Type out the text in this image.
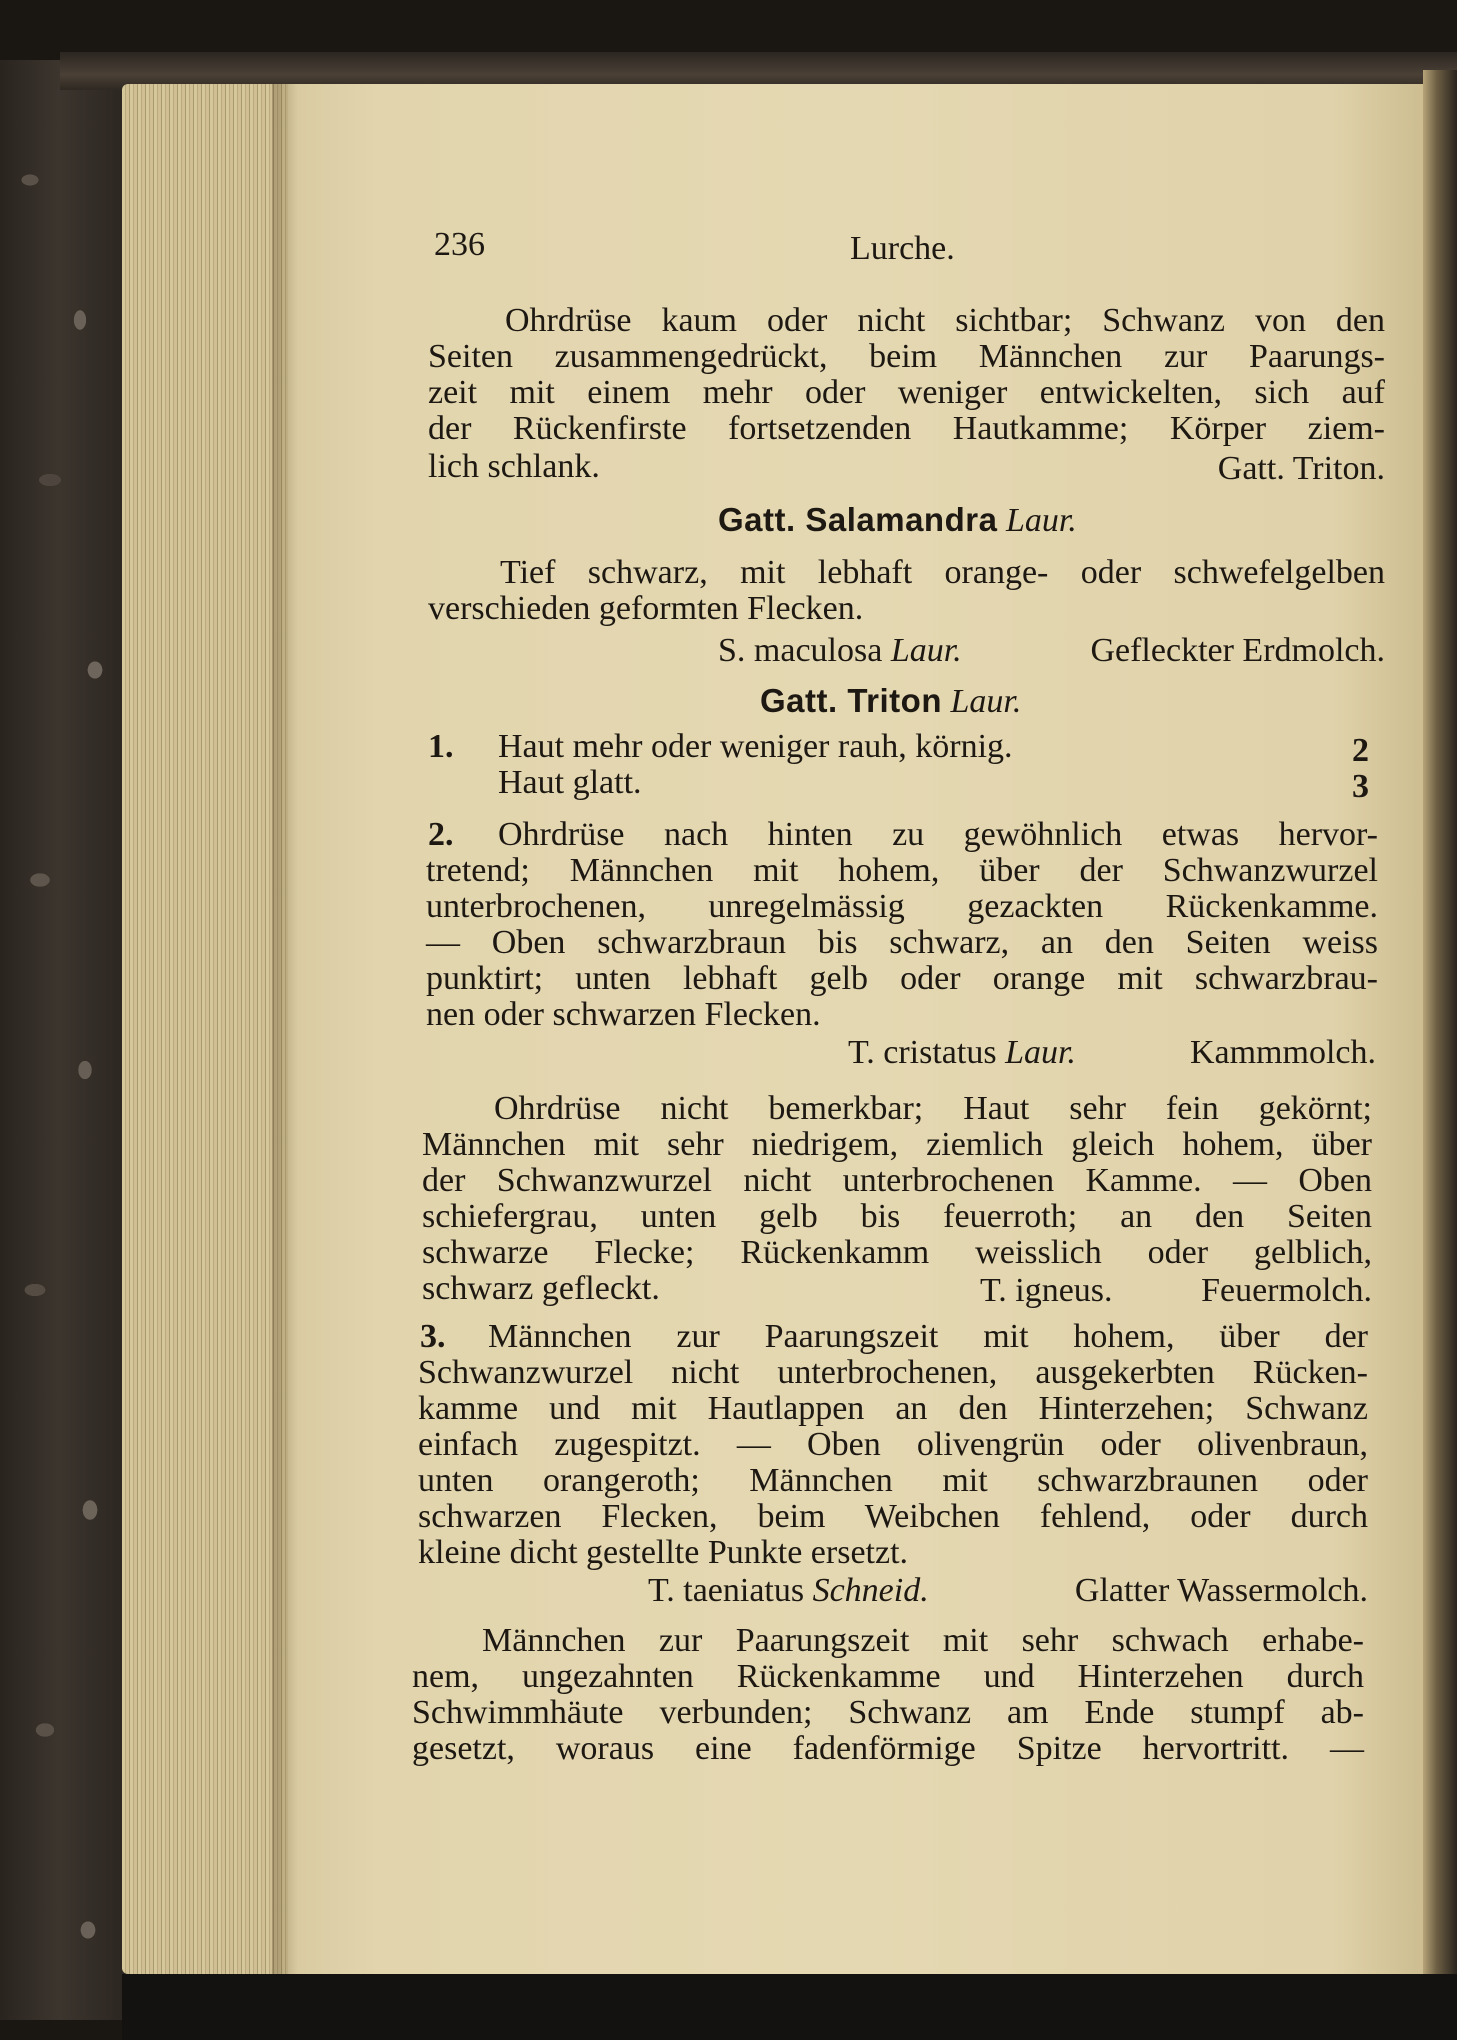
236	Lurche.
Ohrdrüse kaum oder nicht sichtbar; Schwanz von den
Seiten zusammengedrückt, beim Männchen zur Paarungs-
zeit mit einem mehr oder weniger entwickelten, sich auf
der Rückenfirste fortsetzenden Hautkamme; Körper ziem-
lich schlank.	Gatt. Triton.
Gatt. Salamandra Laur.
Tief schwarz, mit lebhaft orange- oder schwefelgelben
verschieden geformten Flecken.
S. maculosa Laur.	Gefleckter Erdmolch.
Gatt. Triton Laur.
1. Haut mehr oder weniger rauh, körnig.	2
Haut glatt.	3
2. Ohrdrüse nach hinten zu gewöhnlich etwas hervor-
tretend; Männchen mit hohem, über der Schwanzwurzel
unterbrochenen, unregelmässig gezackten Rückenkamme.
— Oben schwarzbraun bis schwarz, an den Seiten weiss
punktirt; unten lebhaft gelb oder orange mit schwarzbrau-
nen oder schwarzen Flecken.
T. cristatus Laur.	Kammmolch.
Ohrdrüse nicht bemerkbar; Haut sehr fein gekörnt;
Männchen mit sehr niedrigem, ziemlich gleich hohem, über
der Schwanzwurzel nicht unterbrochenen Kamme. — Oben
schiefergrau, unten gelb bis feuerroth; an den Seiten
schwarze Flecke; Rückenkamm weisslich oder gelblich,
schwarz gefleckt.	T. igneus.	Feuermolch.
3. Männchen zur Paarungszeit mit hohem, über der
Schwanzwurzel nicht unterbrochenen, ausgekerbten Rücken-
kamme und mit Hautlappen an den Hinterzehen; Schwanz
einfach zugespitzt. — Oben olivengrün oder olivenbraun,
unten orangeroth; Männchen mit schwarzbraunen oder
schwarzen Flecken, beim Weibchen fehlend, oder durch
kleine dicht gestellte Punkte ersetzt.
T. taeniatus Schneid.	Glatter Wassermolch.
Männchen zur Paarungszeit mit sehr schwach erhabe-
nem, ungezahnten Rückenkamme und Hinterzehen durch
Schwimmhäute verbunden; Schwanz am Ende stumpf ab-
gesetzt, woraus eine fadenförmige Spitze hervortritt. —
